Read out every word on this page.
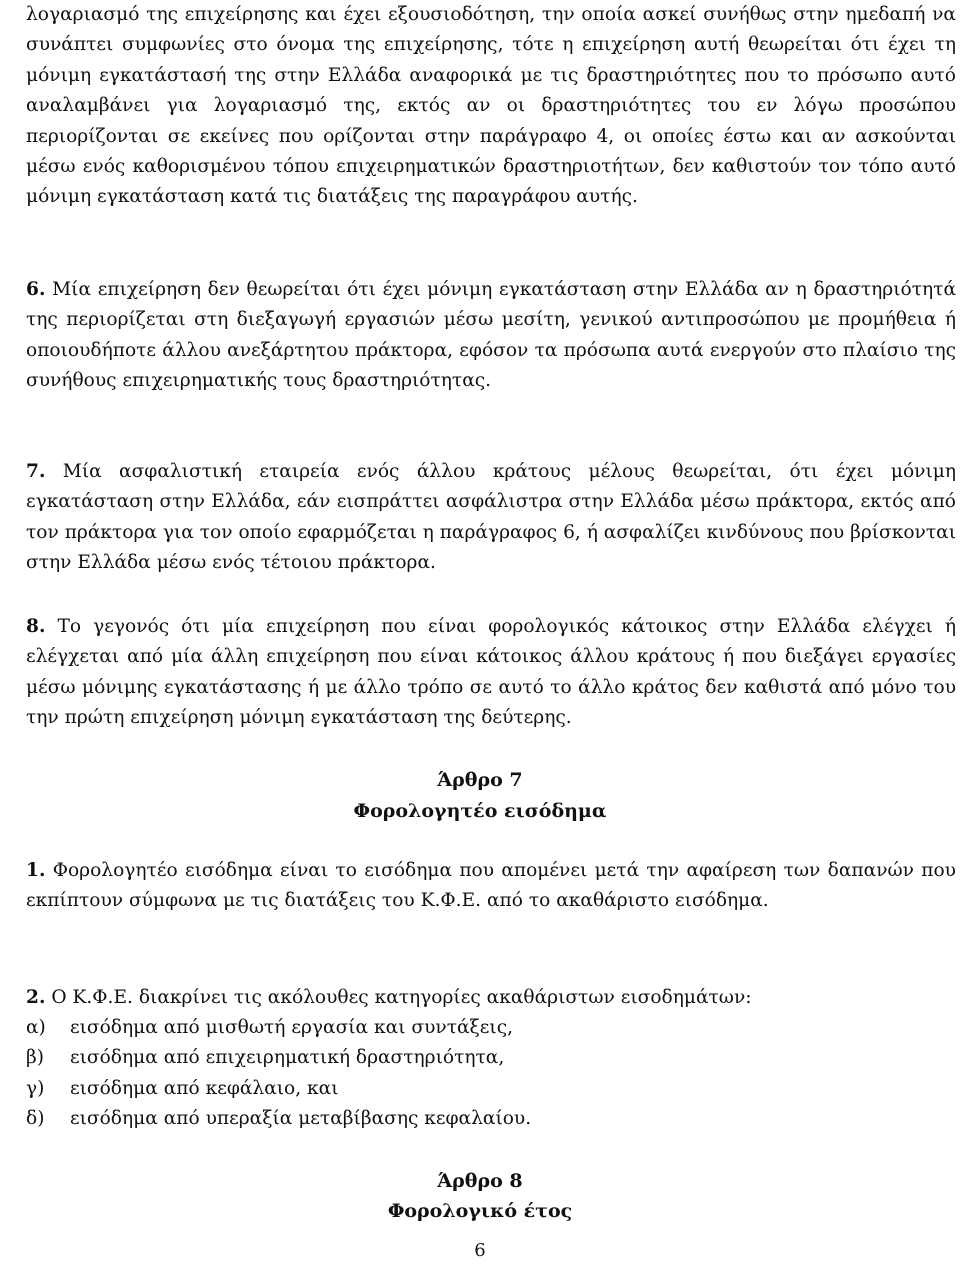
λογαριασμό της επιχείρησης και έχει εξουσιοδότηση, την οποία ασκεί συνήθως στην ημεδαπή να συνάπτει συμφωνίες στο όνομα της επιχείρησης, τότε η επιχείρηση αυτή θεωρείται ότι έχει τη μόνιμη εγκατάστασή της στην Ελλάδα αναφορικά με τις δραστηριότητες που το πρόσωπο αυτό αναλαμβάνει για λογαριασμό της, εκτός αν οι δραστηριότητες του εν λόγω προσώπου περιορίζονται σε εκείνες που ορίζονται στην παράγραφο 4, οι οποίες έστω και αν ασκούνται μέσω ενός καθορισμένου τόπου επιχειρηματικών δραστηριοτήτων, δεν καθιστούν τον τόπο αυτό μόνιμη εγκατάσταση κατά τις διατάξεις της παραγράφου αυτής.

6. Μία επιχείρηση δεν θεωρείται ότι έχει μόνιμη εγκατάσταση στην Ελλάδα αν η δραστηριότητά της περιορίζεται στη διεξαγωγή εργασιών μέσω μεσίτη, γενικού αντιπροσώπου με προμήθεια ή οποιουδήποτε άλλου ανεξάρτητου πράκτορα, εφόσον τα πρόσωπα αυτά ενεργούν στο πλαίσιο της συνήθους επιχειρηματικής τους δραστηριότητας.

7. Μία ασφαλιστική εταιρεία ενός άλλου κράτους μέλους θεωρείται, ότι έχει μόνιμη εγκατάσταση στην Ελλάδα, εάν εισπράττει ασφάλιστρα στην Ελλάδα μέσω πράκτορα, εκτός από τον πράκτορα για τον οποίο εφαρμόζεται η παράγραφος 6, ή ασφαλίζει κινδύνους που βρίσκονται στην Ελλάδα μέσω ενός τέτοιου πράκτορα.

8. Το γεγονός ότι μία επιχείρηση που είναι φορολογικός κάτοικος στην Ελλάδα ελέγχει ή ελέγχεται από μία άλλη επιχείρηση που είναι κάτοικος άλλου κράτους ή που διεξάγει εργασίες μέσω μόνιμης εγκατάστασης ή με άλλο τρόπο σε αυτό το άλλο κράτος δεν καθιστά από μόνο του την πρώτη επιχείρηση μόνιμη εγκατάσταση της δεύτερης.

Άρθρο 7

Φορολογητέο εισόδημα

1. Φορολογητέο εισόδημα είναι το εισόδημα που απομένει μετά την αφαίρεση των δαπανών που εκπίπτουν σύμφωνα με τις διατάξεις του Κ.Φ.Ε. από το ακαθάριστο εισόδημα.

2. Ο Κ.Φ.Ε. διακρίνει τις ακόλουθες κατηγορίες ακαθάριστων εισοδημάτων:

α)	εισόδημα από μισθωτή εργασία και συντάξεις,
β)	εισόδημα από επιχειρηματική δραστηριότητα,
γ)	εισόδημα από κεφάλαιο, και
δ)	εισόδημα από υπεραξία μεταβίβασης κεφαλαίου.

Άρθρο 8

Φορολογικό έτος

6
